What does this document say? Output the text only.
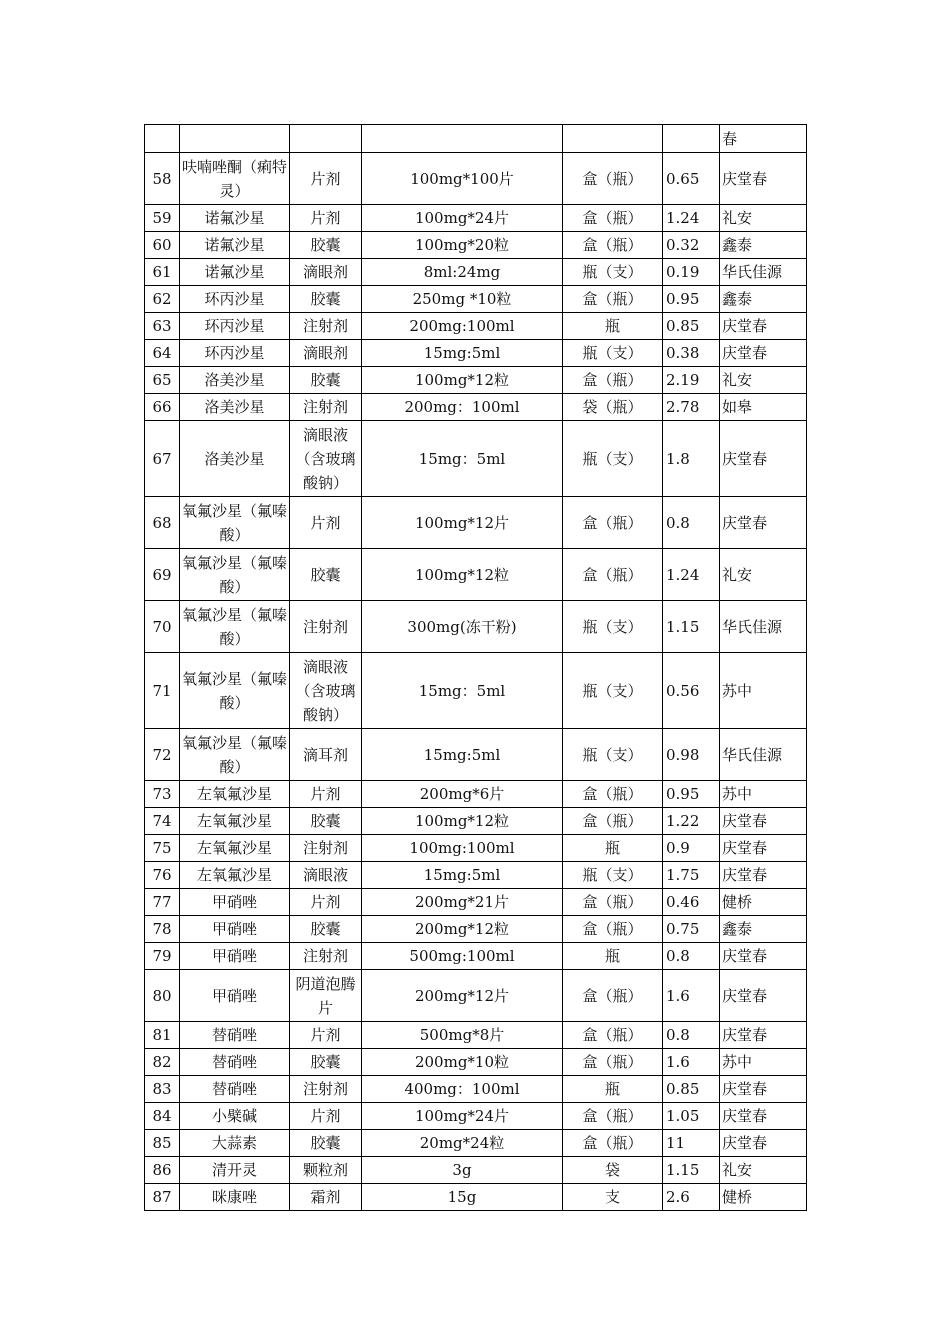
						春
58	呋喃唑酮（痢特灵）	片剂	100mg*100片	盒（瓶）	0.65	庆堂春
59	诺氟沙星	片剂	100mg*24片	盒（瓶）	1.24	礼安
60	诺氟沙星	胶囊	100mg*20粒	盒（瓶）	0.32	鑫泰
61	诺氟沙星	滴眼剂	8ml:24mg	瓶（支）	0.19	华氏佳源
62	环丙沙星	胶囊	250mg *10粒	盒（瓶）	0.95	鑫泰
63	环丙沙星	注射剂	200mg:100ml	瓶	0.85	庆堂春
64	环丙沙星	滴眼剂	15mg:5ml	瓶（支）	0.38	庆堂春
65	洛美沙星	胶囊	100mg*12粒	盒（瓶）	2.19	礼安
66	洛美沙星	注射剂	200mg：100ml	袋（瓶）	2.78	如皋
67	洛美沙星	滴眼液（含玻璃酸钠）	15mg：5ml	瓶（支）	1.8	庆堂春
68	氧氟沙星（氟嗪酸）	片剂	100mg*12片	盒（瓶）	0.8	庆堂春
69	氧氟沙星（氟嗪酸）	胶囊	100mg*12粒	盒（瓶）	1.24	礼安
70	氧氟沙星（氟嗪酸）	注射剂	300mg(冻干粉)	瓶（支）	1.15	华氏佳源
71	氧氟沙星（氟嗪酸）	滴眼液（含玻璃酸钠）	15mg：5ml	瓶（支）	0.56	苏中
72	氧氟沙星（氟嗪酸）	滴耳剂	15mg:5ml	瓶（支）	0.98	华氏佳源
73	左氧氟沙星	片剂	200mg*6片	盒（瓶）	0.95	苏中
74	左氧氟沙星	胶囊	100mg*12粒	盒（瓶）	1.22	庆堂春
75	左氧氟沙星	注射剂	100mg:100ml	瓶	0.9	庆堂春
76	左氧氟沙星	滴眼液	15mg:5ml	瓶（支）	1.75	庆堂春
77	甲硝唑	片剂	200mg*21片	盒（瓶）	0.46	健桥
78	甲硝唑	胶囊	200mg*12粒	盒（瓶）	0.75	鑫泰
79	甲硝唑	注射剂	500mg:100ml	瓶	0.8	庆堂春
80	甲硝唑	阴道泡腾片	200mg*12片	盒（瓶）	1.6	庆堂春
81	替硝唑	片剂	500mg*8片	盒（瓶）	0.8	庆堂春
82	替硝唑	胶囊	200mg*10粒	盒（瓶）	1.6	苏中
83	替硝唑	注射剂	400mg：100ml	瓶	0.85	庆堂春
84	小檗碱	片剂	100mg*24片	盒（瓶）	1.05	庆堂春
85	大蒜素	胶囊	20mg*24粒	盒（瓶）	11	庆堂春
86	清开灵	颗粒剂	3g	袋	1.15	礼安
87	咪康唑	霜剂	15g	支	2.6	健桥
